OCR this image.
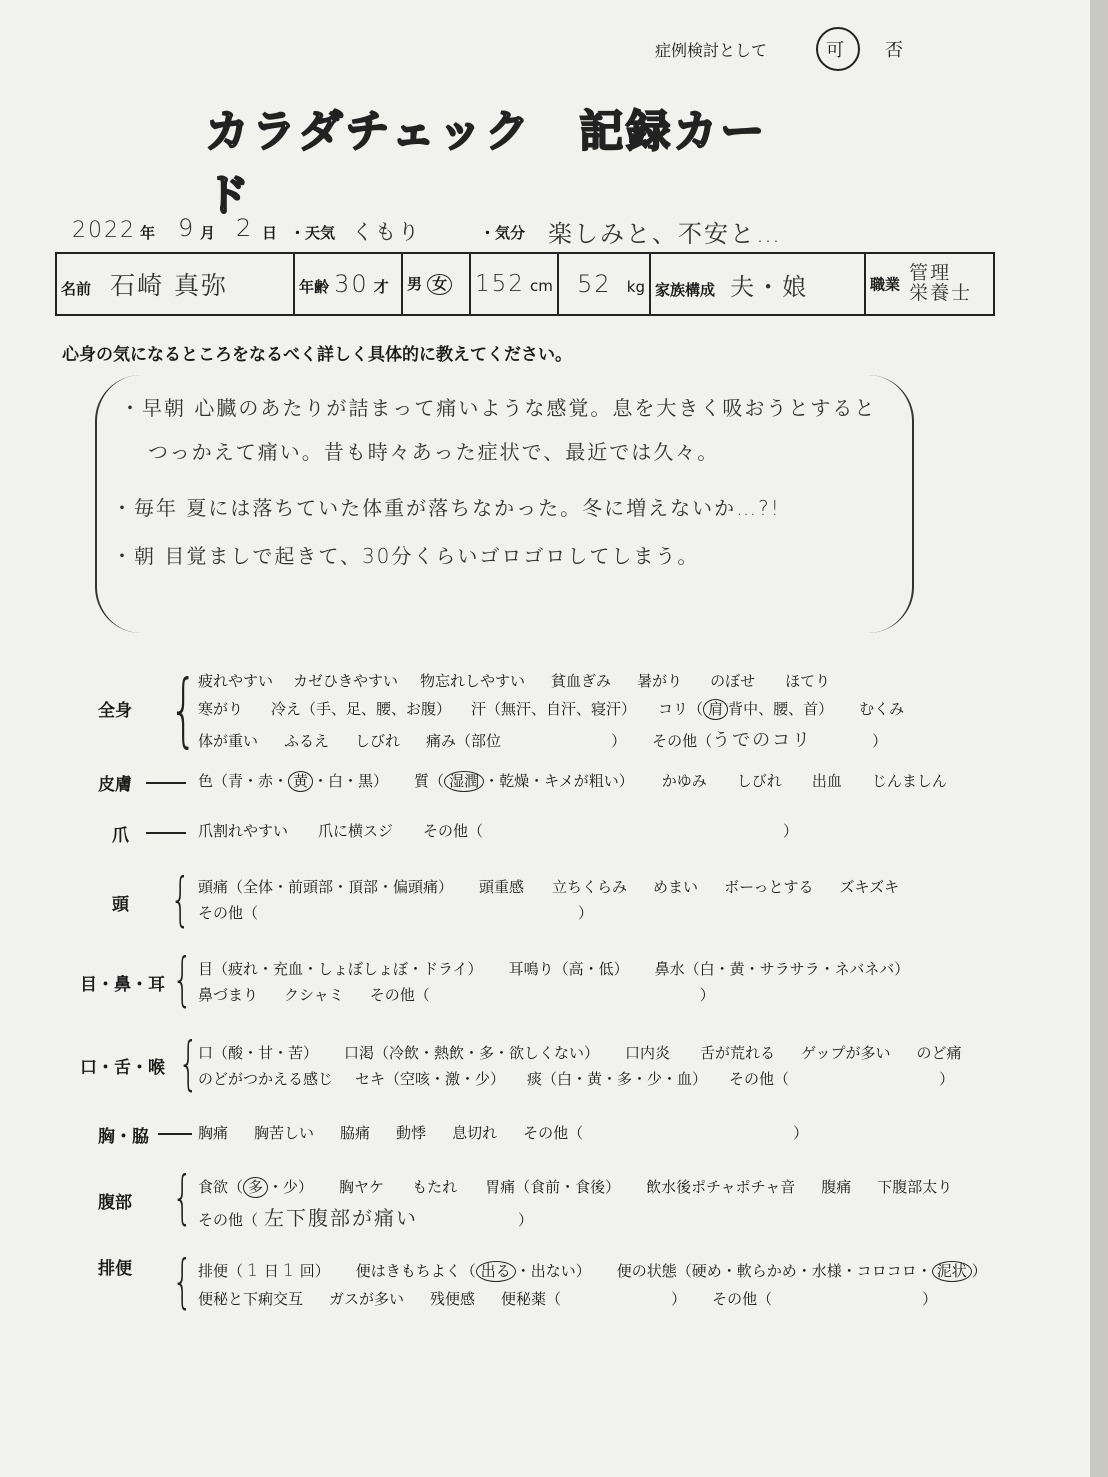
症例検討として	可 否
カラダチェック　記録カード
2022 年 9 月 2 日 ・天気 くもり	・気分 楽しみと、不安と…
名前 石崎 真弥	年齢 30 才	男 女	152 cm	52 kg	家族構成 夫・娘	職業
管理
栄養士
心身の気になるところをなるべく詳しく具体的に教えてください。
・早朝 心臓のあたりが詰まって痛いような感覚。息を大きく吸おうとすると
つっかえて痛い。昔も時々あった症状で、最近では久々。
・毎年 夏には落ちていた体重が落ちなかった。冬に増えないか…?!
・朝 目覚ましで起きて、30分くらいゴロゴロしてしまう。
全身 { 疲れやすい カゼひきやすい 物忘れしやすい 貧血ぎみ 暑がり のぼせ ほてり
寒がり 冷え（手、足、腰、お腹） 汗（無汗、自汗、寝汗） コリ（ 肩 背中、腰、首） むくみ
体が重い ふるえ しびれ 痛み（部位	） その他（うでのコリ	）
皮膚	色（青・赤・ 黄 ・白・黒） 質（ 湿潤 ・乾燥・キメが粗い） かゆみ しびれ 出血 じんましん
爪	爪割れやすい 爪に横スジ その他（	）
頭 { 頭痛（全体・前頭部・頂部・偏頭痛） 頭重感 立ちくらみ めまい ボーっとする ズキズキ
その他（	）
目・鼻・耳 { 目（疲れ・充血・しょぼしょぼ・ドライ） 耳鳴り（高・低） 鼻水（白・黄・サラサラ・ネバネバ）
鼻づまり クシャミ その他（	）
口・舌・喉 { 口（酸・甘・苦） 口渇（冷飲・熱飲・多・欲しくない） 口内炎 舌が荒れる ゲップが多い のど痛
のどがつかえる感じ セキ（空咳・激・少） 痰（白・黄・多・少・血） その他（	）
胸・脇	胸痛 胸苦しい 脇痛 動悸 息切れ その他（	）
腹部 { 食欲（ 多 ・少） 胸ヤケ もたれ 胃痛（食前・食後） 飲水後ポチャポチャ音 腹痛 下腹部太り
その他（ 左下腹部が痛い	）
排便 { 排便（ 1 日 1 回） 便はきもちよく（ 出る ・出ない） 便の状態（硬め・軟らかめ・水様・コロコロ・ 泥状 ）
便秘と下痢交互 ガスが多い 残便感 便秘薬（	） その他（	）
